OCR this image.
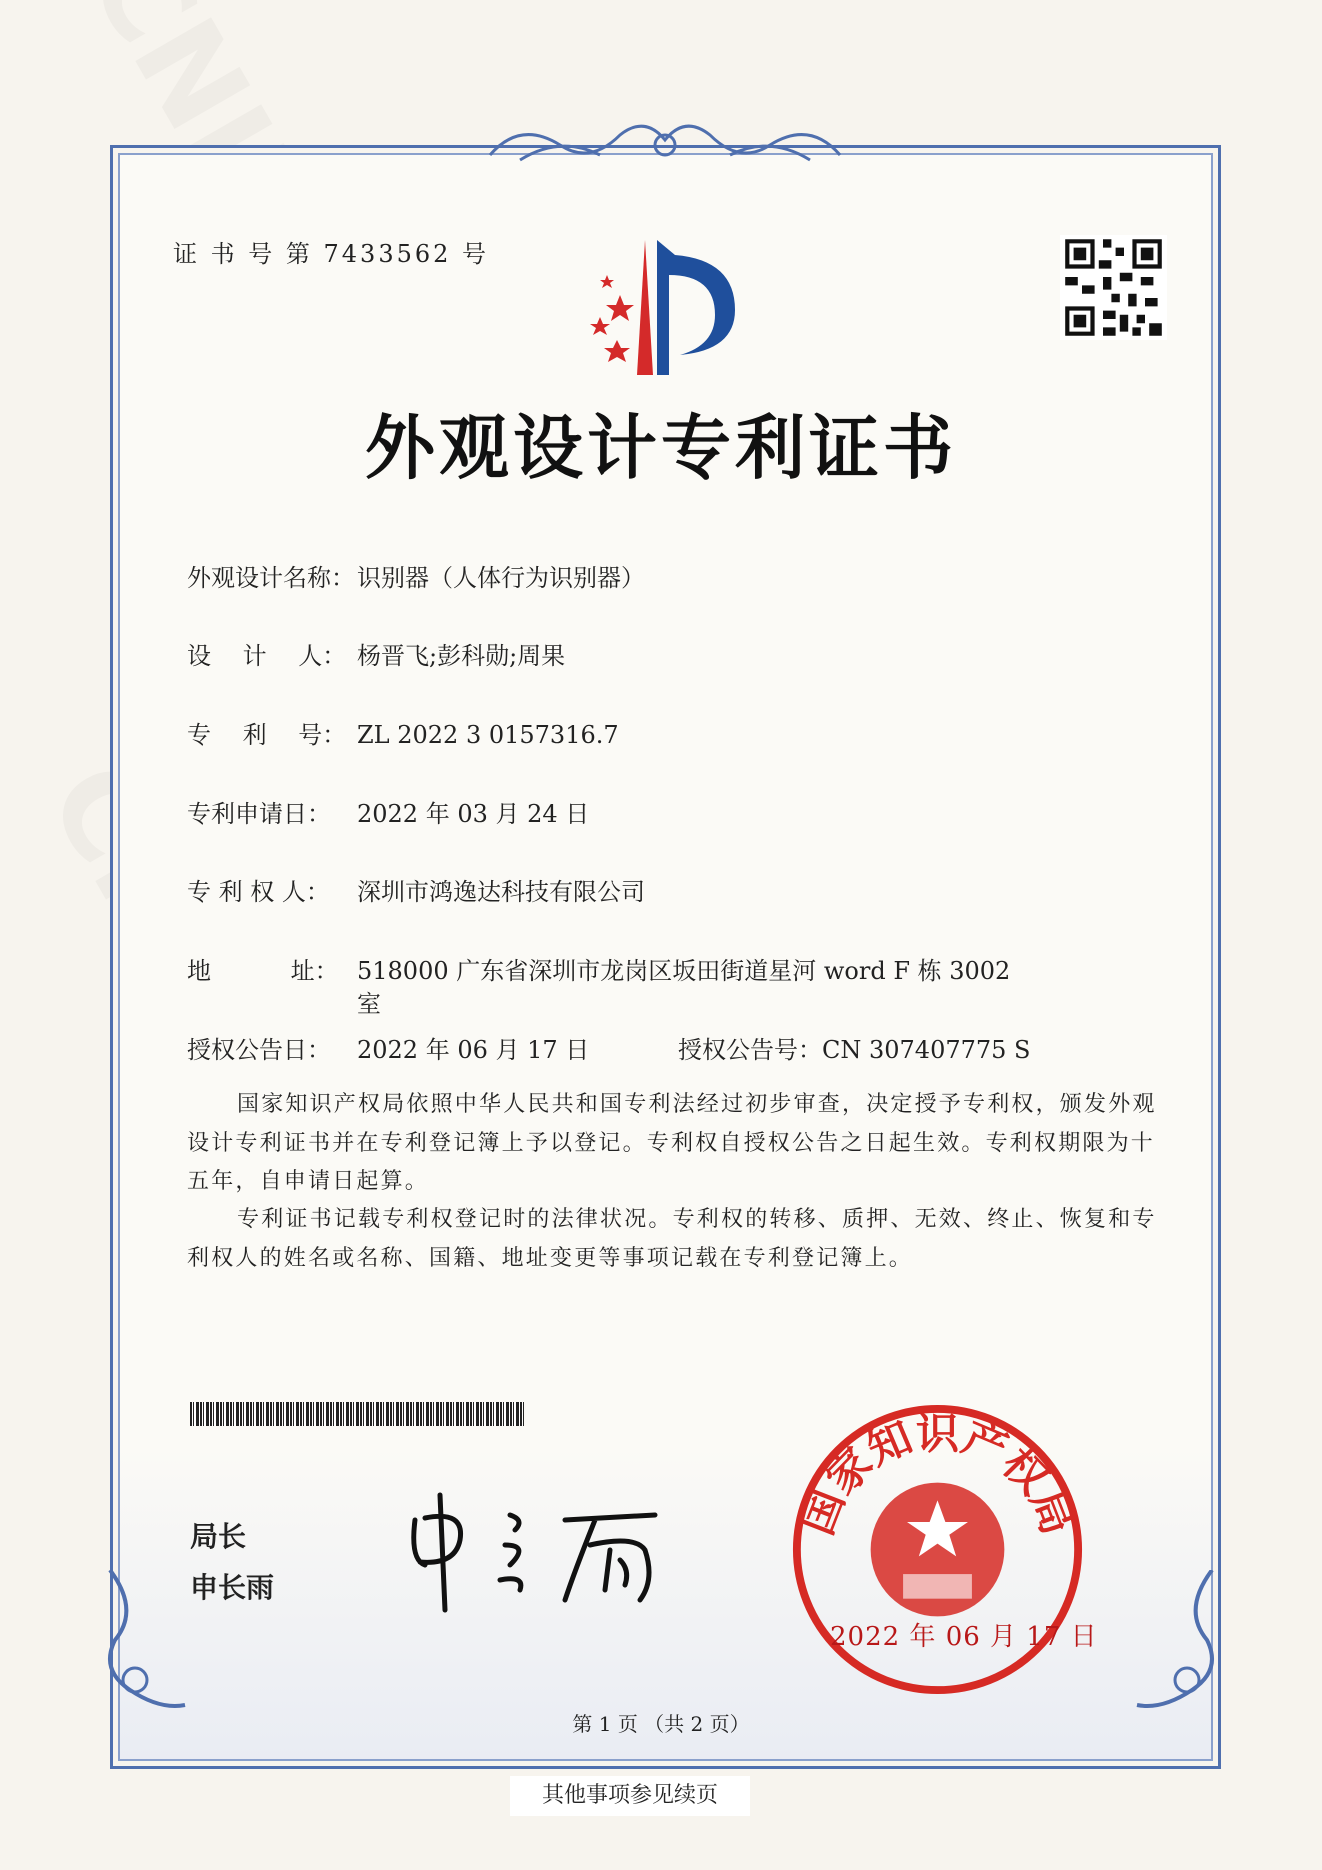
证 书 号 第 7433562 号
外观设计专利证书
外观设计名称：识别器（人体行为识别器）
设　 计　 人： 杨晋飞;彭科勋;周果
专　 利　 号： ZL 2022 3 0157316.7
专利申请日： 2022 年 03 月 24 日
专 利 权 人： 深圳市鸿逸达科技有限公司
地　　　 址： 518000 广东省深圳市龙岗区坂田街道星河 word F 栋 3002
室
授权公告日： 2022 年 06 月 17 日	授权公告号：CN 307407775 S
国家知识产权局依照中华人民共和国专利法经过初步审查，决定授予专利权，颁发外观设计专利证书并在专利登记簿上予以登记。专利权自授权公告之日起生效。专利权期限为十五年，自申请日起算。
专利证书记载专利权登记时的法律状况。专利权的转移、质押、无效、终止、恢复和专利权人的姓名或名称、国籍、地址变更等事项记载在专利登记簿上。
局长
申长雨
国家知识产权局
2022 年 06 月 17 日
第 1 页 （共 2 页）
其他事项参见续页
